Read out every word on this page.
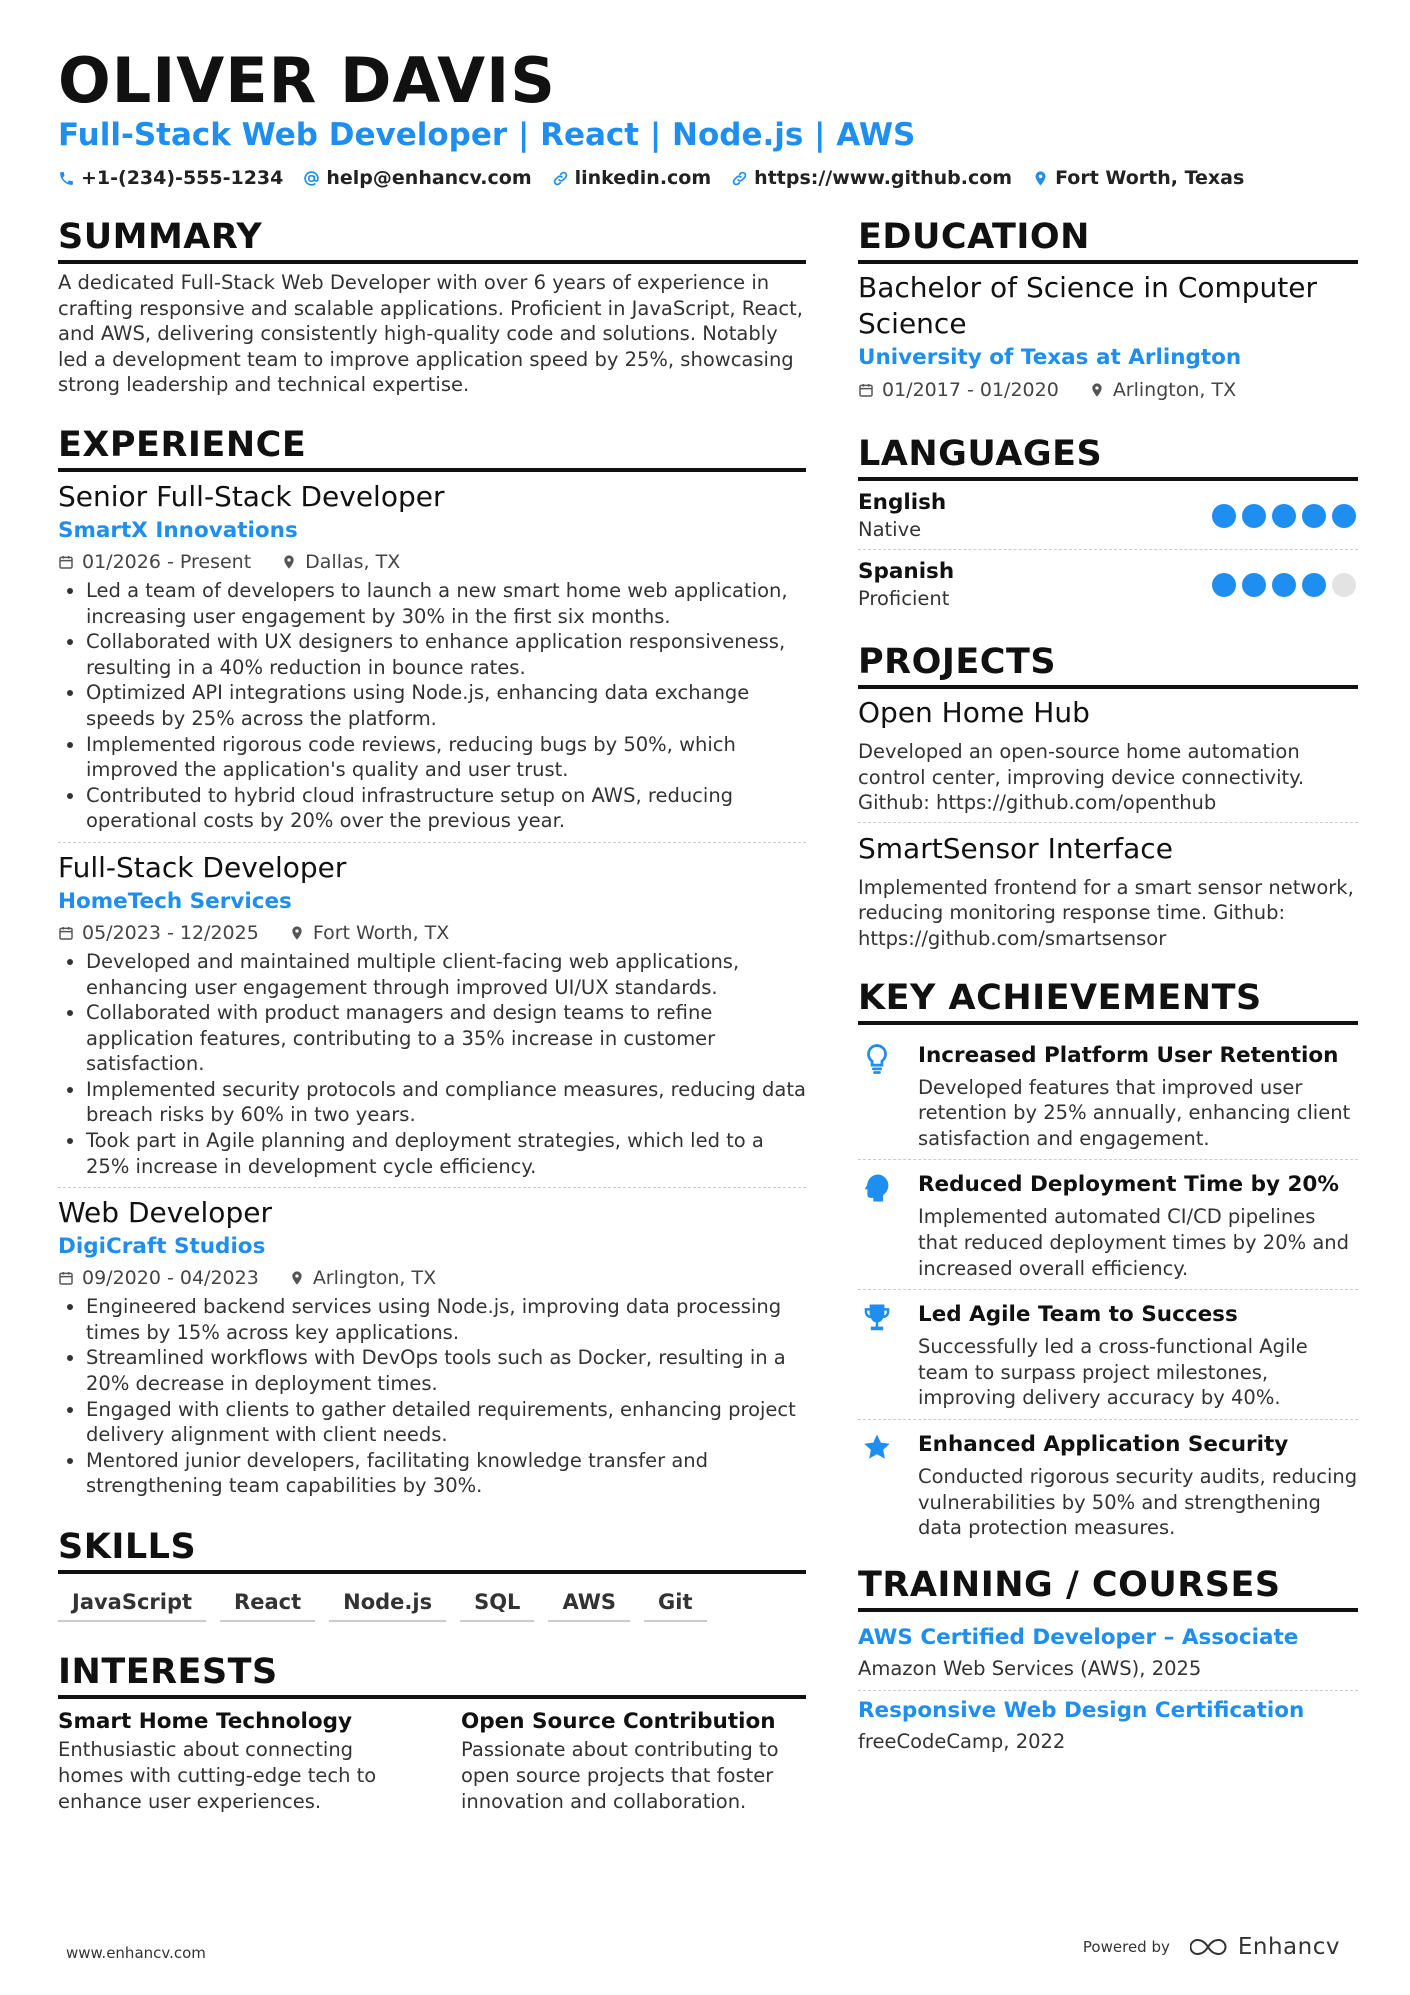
OLIVER DAVIS
Full-Stack Web Developer | React | Node.js | AWS
+1-(234)-555-1234 help@enhancv.com linkedin.com https://www.github.com Fort Worth, Texas
SUMMARY
A dedicated Full-Stack Web Developer with over 6 years of experience in crafting responsive and scalable applications. Proficient in JavaScript, React, and AWS, delivering consistently high-quality code and solutions. Notably led a development team to improve application speed by 25%, showcasing strong leadership and technical expertise.
EXPERIENCE
Senior Full-Stack Developer
SmartX Innovations
01/2026 - Present	Dallas, TX
• Led a team of developers to launch a new smart home web application, increasing user engagement by 30% in the first six months.
• Collaborated with UX designers to enhance application responsiveness, resulting in a 40% reduction in bounce rates.
• Optimized API integrations using Node.js, enhancing data exchange speeds by 25% across the platform.
• Implemented rigorous code reviews, reducing bugs by 50%, which improved the application's quality and user trust.
• Contributed to hybrid cloud infrastructure setup on AWS, reducing operational costs by 20% over the previous year.
Full-Stack Developer
HomeTech Services
05/2023 - 12/2025	Fort Worth, TX
• Developed and maintained multiple client-facing web applications, enhancing user engagement through improved UI/UX standards.
• Collaborated with product managers and design teams to refine application features, contributing to a 35% increase in customer satisfaction.
• Implemented security protocols and compliance measures, reducing data breach risks by 60% in two years.
• Took part in Agile planning and deployment strategies, which led to a 25% increase in development cycle efficiency.
Web Developer
DigiCraft Studios
09/2020 - 04/2023	Arlington, TX
• Engineered backend services using Node.js, improving data processing times by 15% across key applications.
• Streamlined workflows with DevOps tools such as Docker, resulting in a 20% decrease in deployment times.
• Engaged with clients to gather detailed requirements, enhancing project delivery alignment with client needs.
• Mentored junior developers, facilitating knowledge transfer and strengthening team capabilities by 30%.
SKILLS
JavaScript	React	Node.js	SQL	AWS	Git
INTERESTS
Smart Home Technology
Enthusiastic about connecting homes with cutting-edge tech to enhance user experiences.
Open Source Contribution
Passionate about contributing to open source projects that foster innovation and collaboration.
EDUCATION
Bachelor of Science in Computer Science
University of Texas at Arlington
01/2017 - 01/2020	Arlington, TX
LANGUAGES
English
Native
Spanish
Proficient
PROJECTS
Open Home Hub
Developed an open-source home automation control center, improving device connectivity. Github: https://github.com/openthub
SmartSensor Interface
Implemented frontend for a smart sensor network, reducing monitoring response time. Github: https://github.com/smartsensor
KEY ACHIEVEMENTS
Increased Platform User Retention
Developed features that improved user retention by 25% annually, enhancing client satisfaction and engagement.
Reduced Deployment Time by 20%
Implemented automated CI/CD pipelines that reduced deployment times by 20% and increased overall efficiency.
Led Agile Team to Success
Successfully led a cross-functional Agile team to surpass project milestones, improving delivery accuracy by 40%.
Enhanced Application Security
Conducted rigorous security audits, reducing vulnerabilities by 50% and strengthening data protection measures.
TRAINING / COURSES
AWS Certified Developer – Associate
Amazon Web Services (AWS), 2025
Responsive Web Design Certification
freeCodeCamp, 2022
www.enhancv.com	Powered by	Enhancv
